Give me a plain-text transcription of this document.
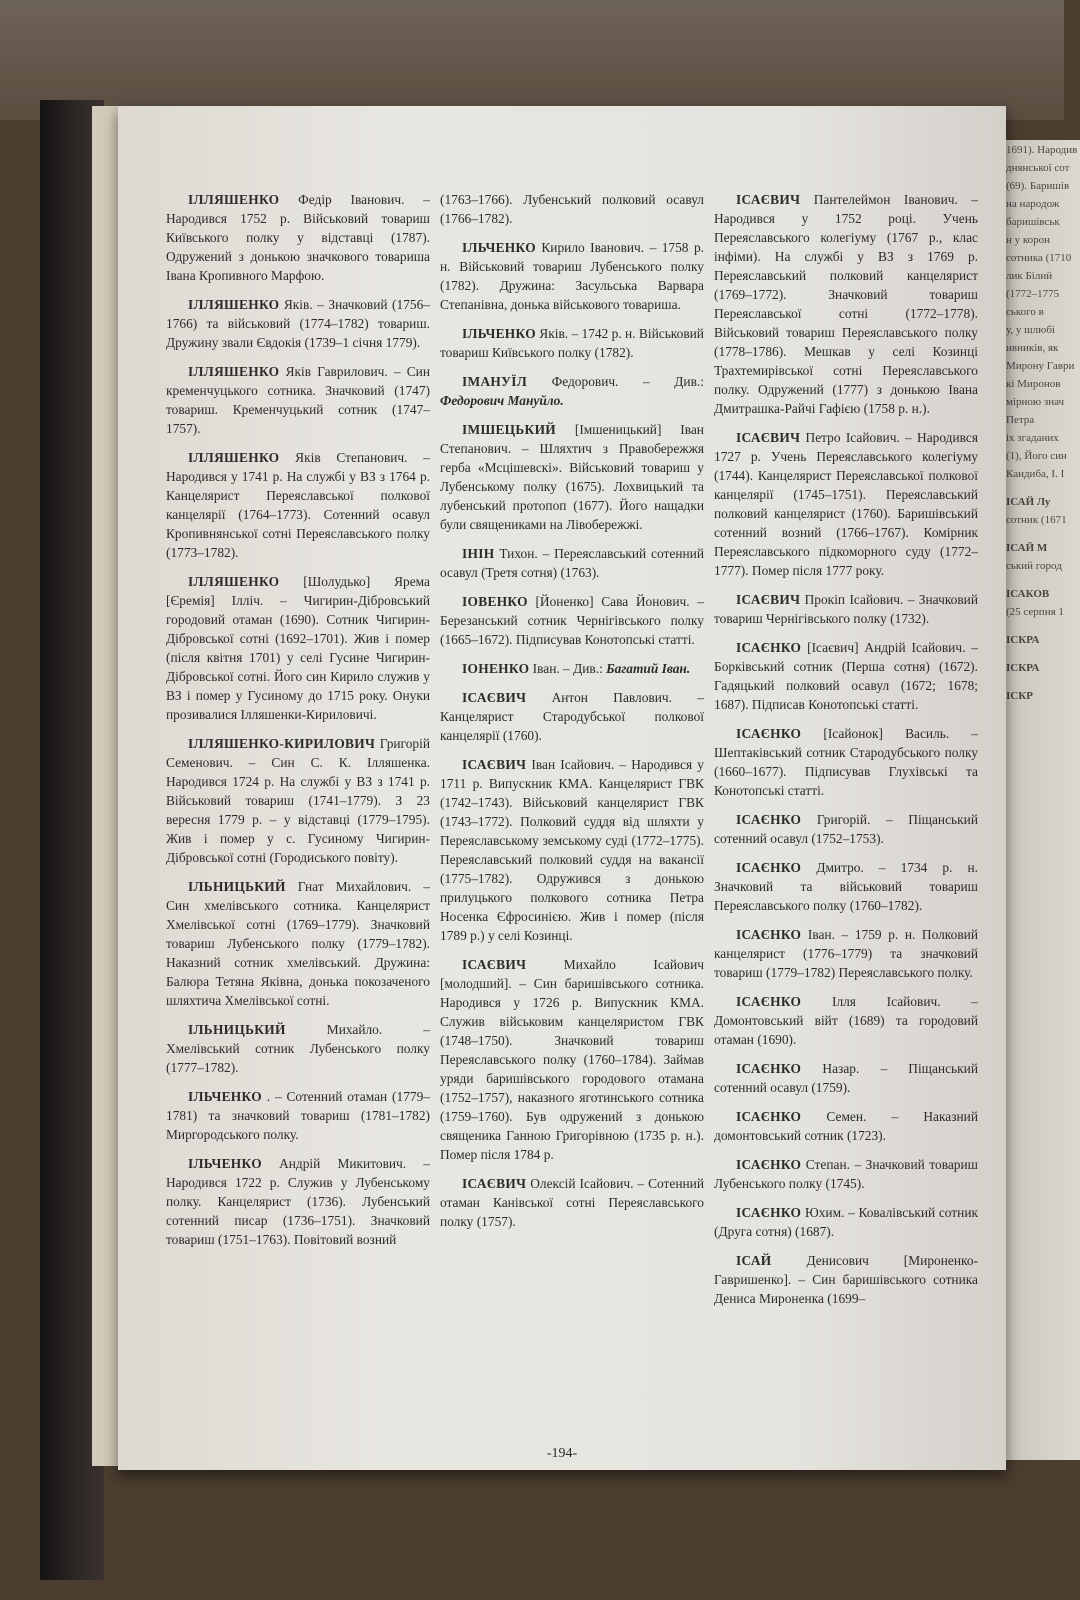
1691). Народив
днянської сот
(69). Баришів
на народож
баришівськ
н у корон
сотника (1710
лик Білий
(1772–1775
ського в
у, у шлюбі
ивників, як
Мирону Гаври
кі Миронов
мірною знач
Петра
іх згаданих
(1), Його син
Кандиба, І. І
ІСАЙ Лу
сотник (1671
ІСАЙ М
ський город
ІСАКОВ
(25 серпня 1
ІСКРА
ІСКРА
ІСКР

ІЛЛЯШЕНКО Федір Іванович. – Народився 1752 р. Військовий товариш Київського полку у відставці (1787). Одружений з донькою значкового товариша Івана Кропивного Марфою.

ІЛЛЯШЕНКО Яків. – Значковий (1756–1766) та військовий (1774–1782) товариш. Дружину звали Євдокія (1739–1 січня 1779).

ІЛЛЯШЕНКО Яків Гаврилович. – Син кременчуцького сотника. Значковий (1747) товариш. Кременчуцький сотник (1747–1757).

ІЛЛЯШЕНКО Яків Степанович. – Народився у 1741 р. На службі у ВЗ з 1764 р. Канцелярист Переяславської полкової канцелярії (1764–1773). Сотенний осавул Кропивнянської сотні Переяславського полку (1773–1782).

ІЛЛЯШЕНКО [Шолудько] Ярема [Єремія] Ілліч. – Чигирин-Дібровський городовий отаман (1690). Сотник Чигирин-Дібровської сотні (1692–1701). Жив і помер (після квітня 1701) у селі Гусине Чигирин-Дібровської сотні. Його син Кирило служив у ВЗ і помер у Гусиному до 1715 року. Онуки прозивалися Ілляшенки-Кириловичі.

ІЛЛЯШЕНКО-КИРИЛОВИЧ Григорій Семенович. – Син С. К. Ілляшенка. Народився 1724 р. На службі у ВЗ з 1741 р. Військовий товариш (1741–1779). З 23 вересня 1779 р. – у відставці (1779–1795). Жив і помер у с. Гусиному Чигирин-Дібровської сотні (Городиського повіту).

ІЛЬНИЦЬКИЙ Гнат Михайлович. – Син хмелівського сотника. Канцелярист Хмелівської сотні (1769–1779). Значковий товариш Лубенського полку (1779–1782). Наказний сотник хмелівський. Дружина: Балюра Тетяна Яківна, донька покозаченого шляхтича Хмелівської сотні.

ІЛЬНИЦЬКИЙ	Михайло. – Хмелівський сотник Лубенського полку (1777–1782).

ІЛЬЧЕНКО . – Сотенний отаман (1779–1781) та значковий товариш (1781–1782) Миргородського полку.

ІЛЬЧЕНКО Андрій Микитович. – Народився 1722 р. Служив у Лубенському полку. Канцелярист (1736). Лубенський сотенний писар (1736–1751). Значковий товариш (1751–1763). Повітовий возний

(1763–1766). Лубенський полковий осавул (1766–1782).

ІЛЬЧЕНКО Кирило Іванович. – 1758 р. н. Військовий товариш Лубенського полку (1782). Дружина: Засульська Варвара Степанівна, донька військового товариша.

ІЛЬЧЕНКО Яків. – 1742 р. н. Військовий товариш Київського полку (1782).

ІМАНУЇЛ Федорович. – Див.: Федорович Мануйло.

ІМШЕЦЬКИЙ [Імшеницький] Іван Степанович. – Шляхтич з Правобережжя герба «Мсцішевскі». Військовий товариш у Лубенському полку (1675). Лохвицький та лубенський протопоп (1677). Його нащадки були священиками на Лівобережжі.

ІНІН Тихон. – Переяславський сотенний осавул (Третя сотня) (1763).

ІОВЕНКО [Йоненко] Сава Йонович. – Березанський сотник Чернігівського полку (1665–1672). Підписував Конотопські статті.

ІОНЕНКО Іван. – Див.: Багатий Іван.

ІСАЄВИЧ Антон Павлович. – Канцелярист Стародубської полкової канцелярії (1760).

ІСАЄВИЧ Іван Ісайович. – Народився у 1711 р. Випускник КМА. Канцелярист ГВК (1742–1743). Військовий канцелярист ГВК (1743–1772). Полковий суддя від шляхти у Переяславському земському суді (1772–1775). Переяславський полковий суддя на вакансії (1775–1782). Одружився з донькою прилуцького полкового сотника Петра Носенка Єфросинією. Жив і помер (після 1789 р.) у селі Козинці.

ІСАЄВИЧ	Михайло Ісайович [молодший]. – Син баришівського сотника. Народився у 1726 р. Випускник КМА. Служив військовим канцеляристом ГВК (1748–1750). Значковий товариш Переяславського полку (1760–1784). Займав уряди баришівського городового отамана (1752–1757), наказного яготинського сотника (1759–1760). Був одружений з донькою священика Ганною Григорівною (1735 р. н.). Помер після 1784 р.

ІСАЄВИЧ Олексій Ісайович. – Сотенний отаман Канівської сотні Переяславського полку (1757).

ІСАЄВИЧ Пантелеймон Іванович. – Народився у 1752 році. Учень Переяславського колегіуму (1767 р., клас інфіми). На службі у ВЗ з 1769 р. Переяславський полковий канцелярист (1769–1772). Значковий товариш Переяславської сотні (1772–1778). Військовий товариш Переяславського полку (1778–1786). Мешкав у селі Козинці Трахтемирівської сотні Переяславського полку. Одружений (1777) з донькою Івана Дмитрашка-Райчі Гафією (1758 р. н.).

ІСАЄВИЧ Петро Ісайович. – Народився 1727 р. Учень Переяславського колегіуму (1744). Канцелярист Переяславської полкової канцелярії (1745–1751). Переяславський полковий канцелярист (1760). Баришівський сотенний возний (1766–1767). Комірник Переяславського підкоморного суду (1772–1777). Помер після 1777 року.

ІСАЄВИЧ Прокіп Ісайович. – Значковий товариш Чернігівського полку (1732).

ІСАЄНКО [Ісаєвич] Андрій Ісайович. – Борківський сотник (Перша сотня) (1672). Гадяцький полковий осавул (1672; 1678; 1687). Підписав Конотопські статті.

ІСАЄНКО [Ісайонок] Василь. – Шептаківський сотник Стародубського полку (1660–1677). Підписував Глухівські та Конотопські статті.

ІСАЄНКО Григорій. – Піщанський сотенний осавул (1752–1753).

ІСАЄНКО Дмитро. – 1734 р. н. Значковий та військовий товариш Переяславського полку (1760–1782).

ІСАЄНКО Іван. – 1759 р. н. Полковий канцелярист (1776–1779) та значковий товариш (1779–1782) Переяславського полку.

ІСАЄНКО Ілля Ісайович. – Домонтовський війт (1689) та городовий отаман (1690).

ІСАЄНКО Назар. – Піщанський сотенний осавул (1759).

ІСАЄНКО Семен. – Наказний домонтовський сотник (1723).

ІСАЄНКО Степан. – Значковий товариш Лубенського полку (1745).

ІСАЄНКО Юхим. – Ковалівський сотник (Друга сотня) (1687).

ІСАЙ	Денисович [Мироненко-Гавришенко]. – Син баришівського сотника Дениса Мироненка (1699–

-194-
